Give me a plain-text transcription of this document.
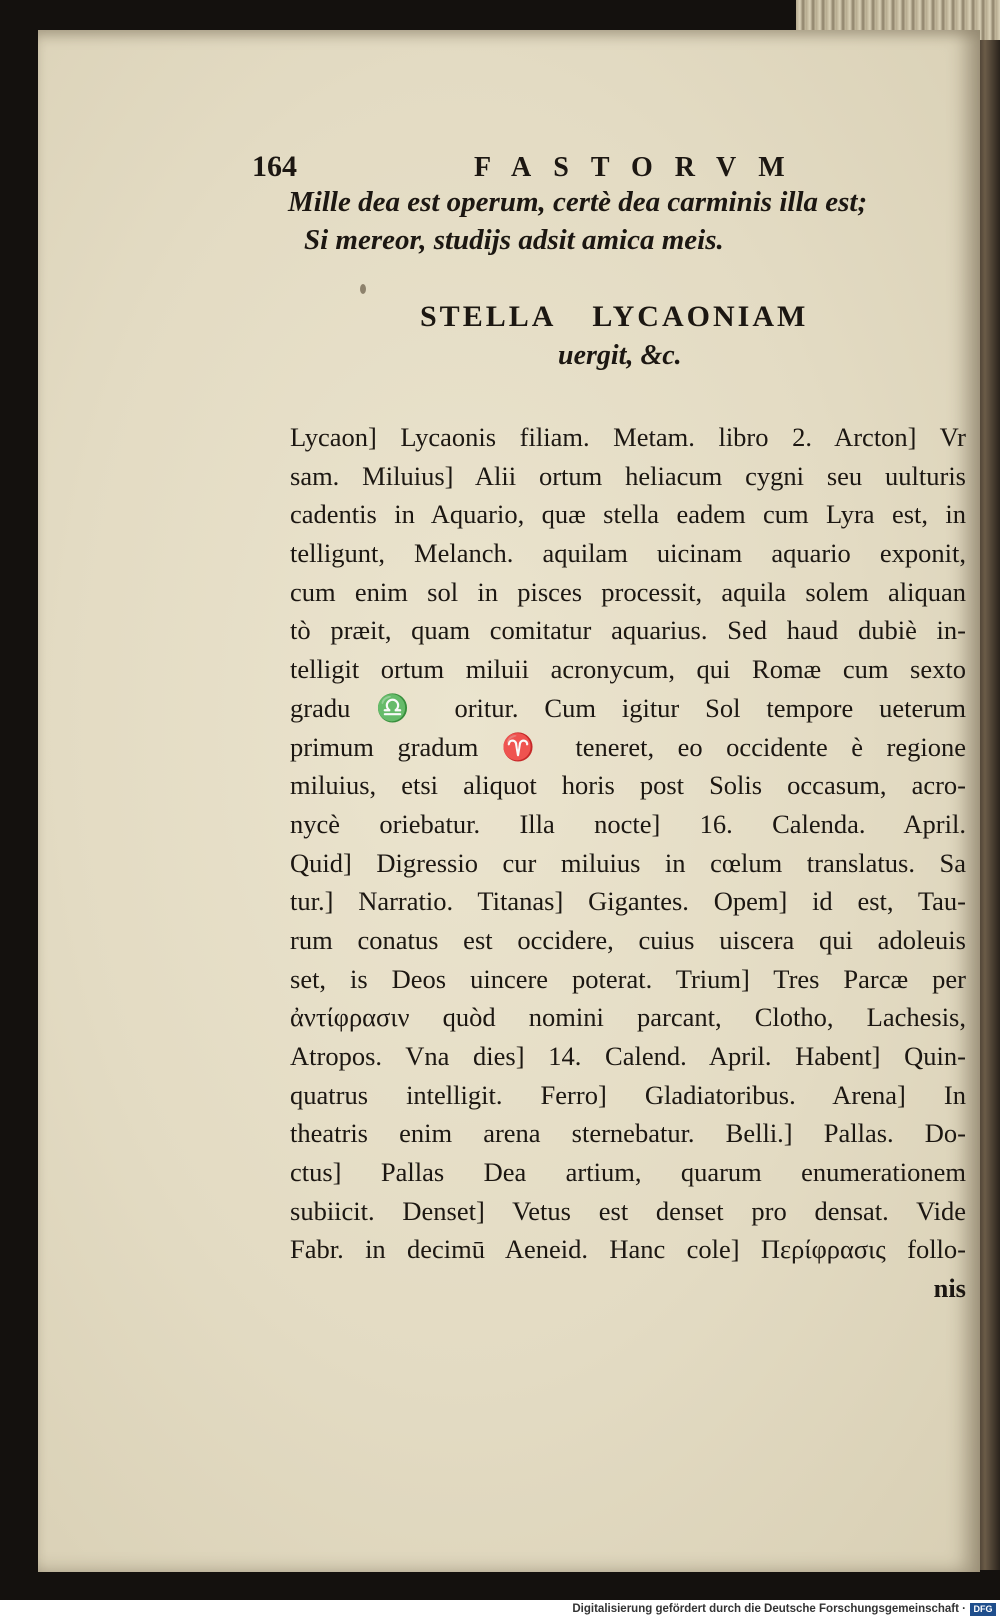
164	FASTORVM
Mille dea est operum, certè dea carminis illa est;
Si mereor, studijs adsit amica meis.
STELLA LYCAONIAM
uergit, &c.
Lycaon] Lycaonis filiam. Metam. libro 2. Arcton] Vr
sam. Miluius] Alii ortum heliacum cygni seu uulturis
cadentis in Aquario, quæ stella eadem cum Lyra est, in
telligunt, Melanch. aquilam uicinam aquario exponit,
cum enim sol in pisces processit, aquila solem aliquan
tò præit, quam comitatur aquarius. Sed haud dubiè in-
telligit ortum miluii acronycum, qui Romæ cum sexto
gradu ♎ oritur. Cum igitur Sol tempore ueterum
primum gradum ♈ teneret, eo occidente è regione
miluius, etsi aliquot horis post Solis occasum, acro-
nycè oriebatur. Illa nocte] 16. Calenda. April.
Quid] Digressio cur miluius in cœlum translatus. Sa
tur.] Narratio. Titanas] Gigantes. Opem] id est, Tau-
rum conatus est occidere, cuius uiscera qui adoleuis
set, is Deos uincere poterat. Trium] Tres Parcæ per
ἀντίφρασιν quòd nomini parcant, Clotho, Lachesis,
Atropos. Vna dies] 14. Calend. April. Habent] Quin-
quatrus intelligit. Ferro] Gladiatoribus. Arena] In
theatris enim arena sternebatur. Belli.] Pallas. Do-
ctus] Pallas Dea artium, quarum enumerationem
subiicit. Denset] Vetus est denset pro densat. Vide
Fabr. in decimū Aeneid. Hanc cole] Περίφρασις follo-
nis
Digitalisierung gefördert durch die Deutsche Forschungsgemeinschaft · DFG
